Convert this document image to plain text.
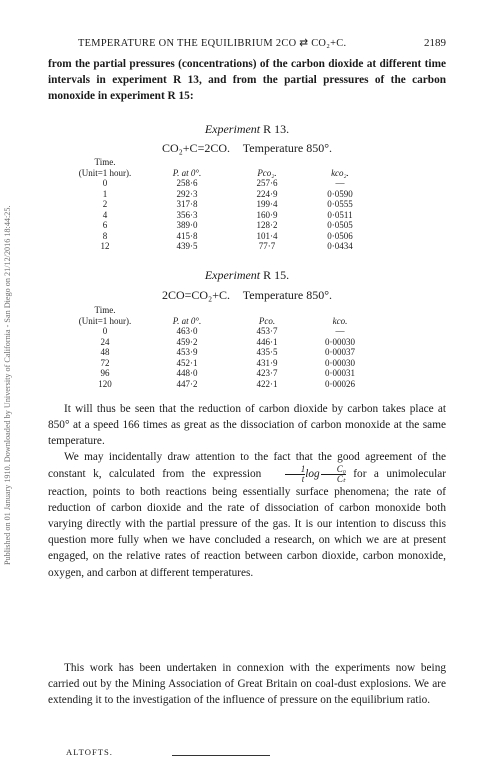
Published on 01 January 1910. Downloaded by University of California - San Diego on 21/12/2016 18:44:25.
TEMPERATURE ON THE EQUILIBRIUM 2CO ⇄ CO₂+C.	2189
from the partial pressures (concentrations) of the carbon dioxide at different time intervals in experiment R 13, and from the partial pressures of the carbon monoxide in experiment R 15:
Experiment R 13.
CO₂+C=2CO. Temperature 850°.
Time.			
(Unit=1 hour).	P. at 0°.	Pco₂.	kco₂.
0	258·6	257·6	—
1	292·3	224·9	0·0590
2	317·8	199·4	0·0555
4	356·3	160·9	0·0511
6	389·0	128·2	0·0505
8	415·8	101·4	0·0506
12	439·5	77·7	0·0434
Experiment R 15.
2CO=CO₂+C. Temperature 850°.
Time.			
(Unit=1 hour).	P. at 0°.	Pco.	kco.
0	463·0	453·7	—
24	459·2	446·1	0·00030
48	453·9	435·5	0·00037
72	452·1	431·9	0·00030
96	448·0	423·7	0·00031
120	447·2	422·1	0·00026
It will thus be seen that the reduction of carbon dioxide by carbon takes place at 850° at a speed 166 times as great as the dissociation of carbon monoxide at the same temperature.
We may incidentally draw attention to the fact that the good agreement of the constant k, calculated from the expression	$\frac{1}{t}$ $\log \frac{\text{C₀}}{\text{Cₜ}}$ for a unimolecular reaction, points to both reactions being essentially surface phenomena; the rate of reduction of carbon dioxide and the rate of dissociation of carbon monoxide both varying directly with the partial pressure of the gas. It is our intention to discuss this question more fully when we have concluded a research, on which we are at present engaged, on the relative rates of reaction between carbon dioxide, carbon monoxide, oxygen, and carbon at different temperatures.
This work has been undertaken in connexion with the experiments now being carried out by the Mining Association of Great Britain on coal-dust explosions. We are extending it to the investigation of the influence of pressure on the equilibrium ratio.
ALTOFTS.
